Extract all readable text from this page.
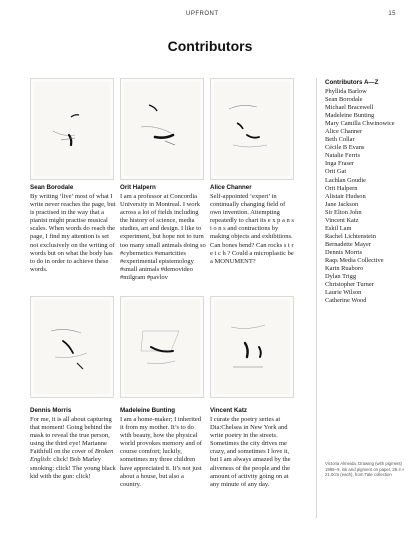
UPFRONT	15
Contributors
Sean Borodale
By writing ‘live’ most of what I write never reaches the page, but is practised in the way that a pianist might practise musical scales. When words do reach the page, I find my attention is set not exclusively on the writing of words but on what the body has to do in order to achieve these words.
Orit Halpern
I am a professor at Concordia University in Montreal. I work across a lot of fields including the history of science, media studies, art and design. I like to experiment, but hope not to turn too many small animals doing so #cybernetics #smartcities #experimental epistemology #small animals #demovideo #milgram #pavlov
Alice Channer
Self-appointed ‘expert’ in continually changing field of own invention. Attempting repeatedly to chart its e x p a n s i o n s and contractions by making objects and exhibitions. Can bones bend? Can rocks s t r e t c h ? Could a microplastic be a MONUMENT?
Dennis Morris
For me, it is all about capturing that moment! Going behind the mask to reveal the true person, using the third eye! Marianne Faithfull on the cover of Broken English: click! Bob Marley smoking: click! The young black kid with the gun: click!
Madeleine Bunting
I am a home-maker; I inherited it from my mother. It’s to do with beauty, how the physical world provokes memory and of course comfort; luckily, sometimes my three children have appreciated it. It’s not just about a house, but also a country.
Vincent Katz
I curate the poetry series at Dia:Chelsea in New York and write poetry in the streets. Sometimes the city drives me crazy, and sometimes I love it, but I am always amazed by the aliveness of the people and the amount of activity going on at any minute of any day.
Contributors A—Z
Phyllida Barlow
Sean Borodale
Michael Bracewell
Madeleine Bunting
Mary Camilla Chwinowice
Alice Channer
Beth Collar
Cécile B Evans
Natalie Ferris
Inga Fraser
Orit Gat
Lachlan Goudie
Orit Halpern
Alistair Hudson
Jane Jackson
Sir Elton John
Vincent Katz
Eskil Lam
Rachel Lichtenstein
Bernadette Mayer
Dennis Morris
Raqs Media Collective
Karin Ruaboro
Dylan Trigg
Christopher Turner
Laurie Wilson
Catherine Wood
Victoria Almeida, Drawing (with pigment) 1985–9, ink and pigment on paper, 29.4 × 21.0cm (each), from Tate collection
